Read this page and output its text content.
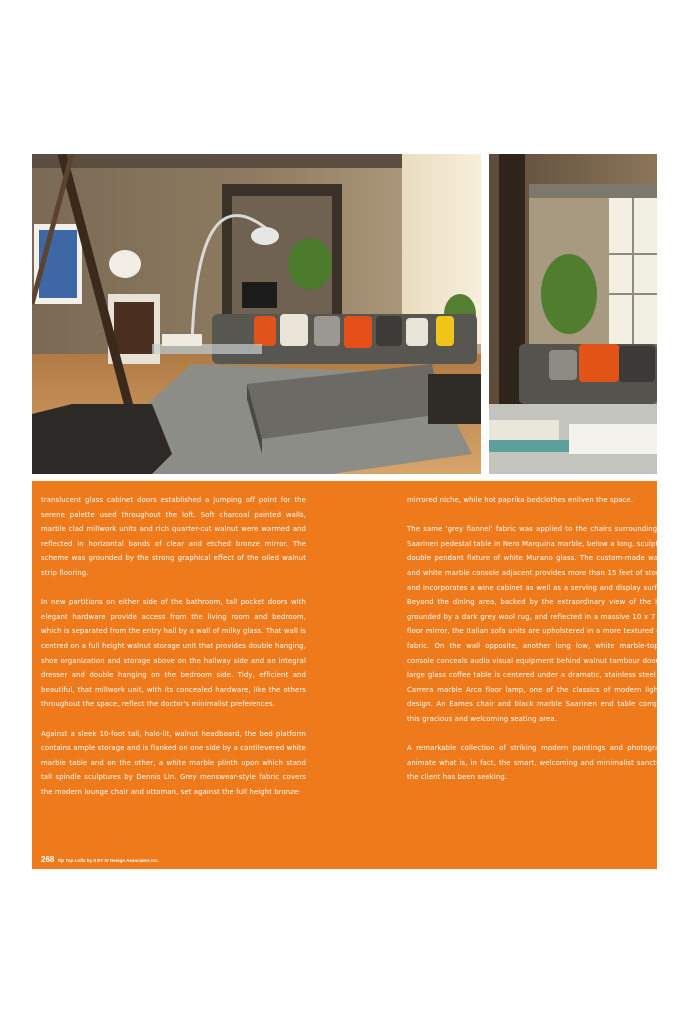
translucent glass cabinet doors established a jumping off point for the serene palette used throughout the loft. Soft charcoal painted walls, marble clad millwork units and rich quarter-cut walnut were warmed and reflected in horizontal bands of clear and etched bronze mirror. The scheme was grounded by the strong graphical effect of the oiled walnut strip flooring.

In new partitions on either side of the bathroom, tall pocket doors with elegant hardware provide access from the living room and bedroom, which is separated from the entry hall by a wall of milky glass. That wall is centred on a full height walnut storage unit that provides double hanging, shoe organization and storage above on the hallway side and an integral dresser and double hanging on the bedroom side. Tidy, efficient and beautiful, that millwork unit, with its concealed hardware, like the others throughout the space, reflect the doctor's minimalist preferences.

Against a sleek 10-foot tall, halo-lit, walnut headboard, the bed platform contains ample storage and is flanked on one side by a cantilevered white marble table and on the other, a white marble plinth upon which stand tall spindle sculptures by Dennis Lin. Grey menswear-style fabric covers the modern lounge chair and ottoman, set against the full height bronze-

mirrored niche, while hot paprika bedclothes enliven the space.

The same 'grey flannel' fabric was applied to the chairs surrounding the Saarinen pedestal table in Nero Marquina marble, below a long, sculptural double pendant fixture of white Murano glass. The custom-made walnut and white marble console adjacent provides more than 15 feet of storage and incorporates a wine cabinet as well as a serving and display surface. Beyond the dining area, backed by the extraordinary view of the lake, grounded by a dark grey wool rug, and reflected in a massive 10 x 7 foot floor mirror, the Italian sofa units are upholstered in a more textured grey fabric. On the wall opposite, another long low, white marble-topped console conceals audio visual equipment behind walnut tambour doors. A large glass coffee table is centered under a dramatic, stainless steel and Carrera marble Arco floor lamp, one of the classics of modern lighting design. An Eames chair and black marble Saarinen end table complete this gracious and welcoming seating area.

A remarkable collection of striking modern paintings and photographs animate what is, in fact, the smart, welcoming and minimalist sanctuary the client has been seeking.

268 Tip Top Lofts by II BY IV Design Associates Inc.
